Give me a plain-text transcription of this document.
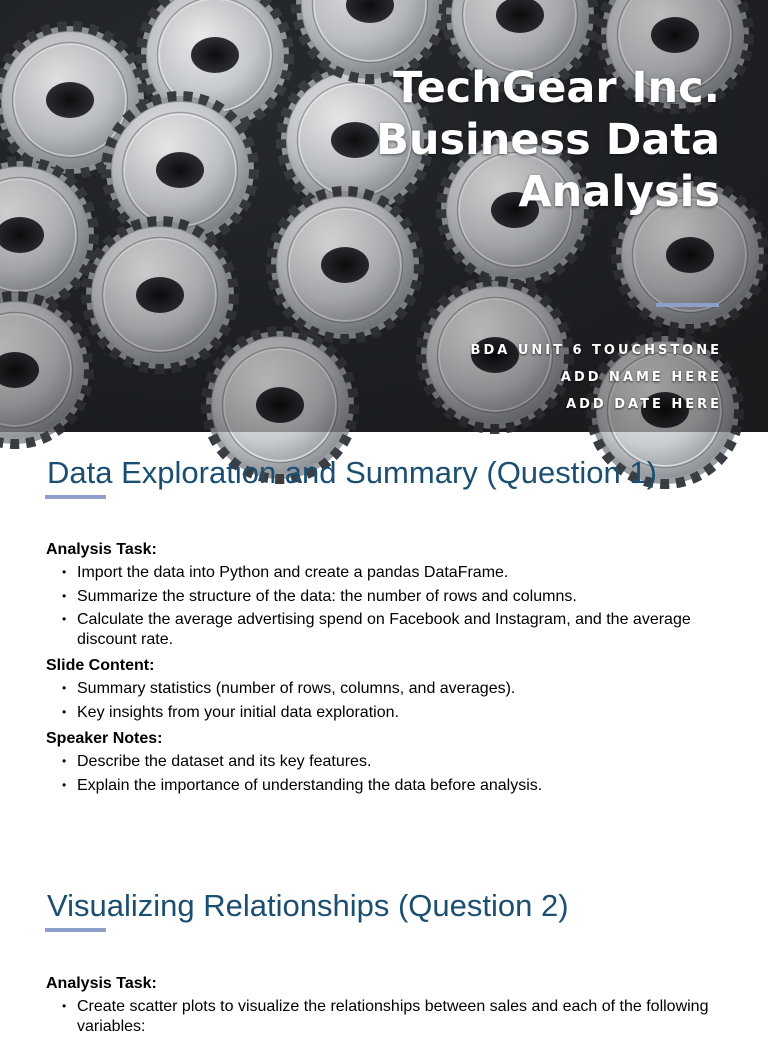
TechGear Inc.
Business Data
Analysis
BDA UNIT 6 TOUCHSTONE
ADD NAME HERE
ADD DATE HERE
Data Exploration and Summary (Question 1)
Analysis Task:
• Import the data into Python and create a pandas DataFrame.
• Summarize the structure of the data: the number of rows and columns.
• Calculate the average advertising spend on Facebook and Instagram, and the average discount rate.
Slide Content:
• Summary statistics (number of rows, columns, and averages).
• Key insights from your initial data exploration.
Speaker Notes:
• Describe the dataset and its key features.
• Explain the importance of understanding the data before analysis.
Visualizing Relationships (Question 2)
Analysis Task:
• Create scatter plots to visualize the relationships between sales and each of the following variables:
